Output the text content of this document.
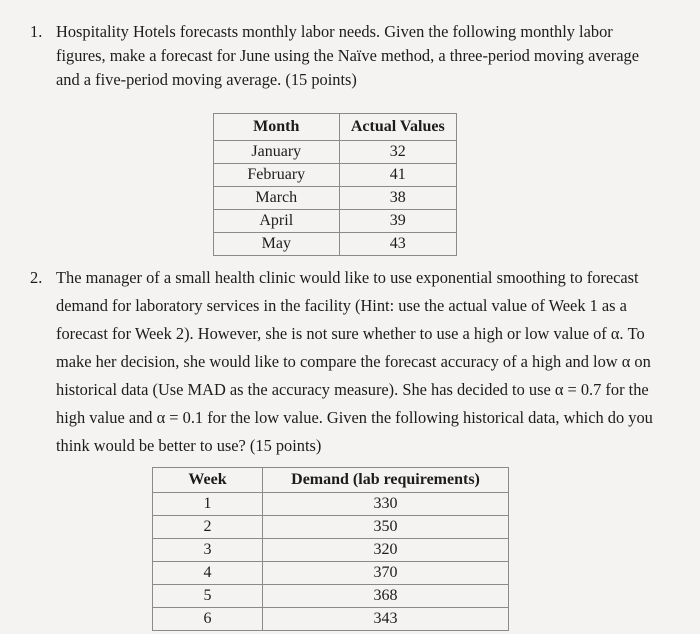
1. Hospitality Hotels forecasts monthly labor needs. Given the following monthly labor
figures, make a forecast for June using the Naïve method, a three-period moving average
and a five-period moving average. (15 points)
Month	Actual Values
January	32
February	41
March	38
April	39
May	43
2. The manager of a small health clinic would like to use exponential smoothing to forecast
demand for laboratory services in the facility (Hint: use the actual value of Week 1 as a
forecast for Week 2). However, she is not sure whether to use a high or low value of α. To
make her decision, she would like to compare the forecast accuracy of a high and low α on
historical data (Use MAD as the accuracy measure). She has decided to use α = 0.7 for the
high value and α = 0.1 for the low value. Given the following historical data, which do you
think would be better to use? (15 points)
Week	Demand (lab requirements)
1	330
2	350
3	320
4	370
5	368
6	343
